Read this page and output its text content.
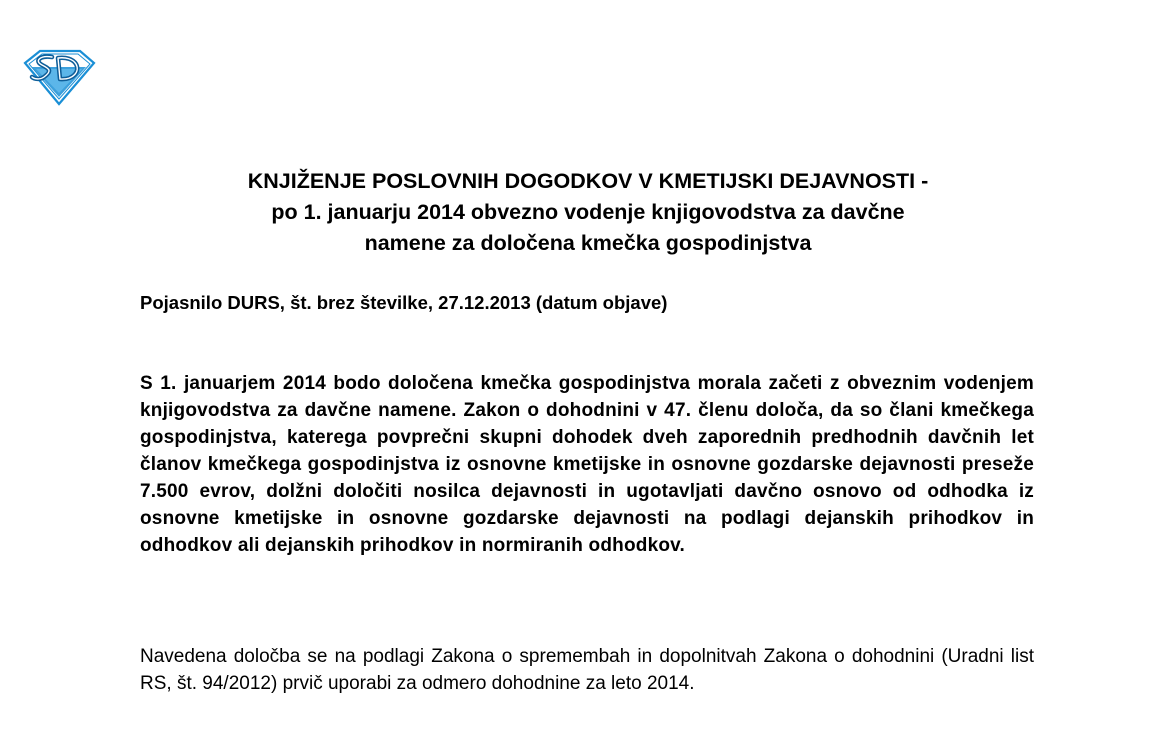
KNJIŽENJE POSLOVNIH DOGODKOV V KMETIJSKI DEJAVNOSTI -
po 1. januarju 2014 obvezno vodenje knjigovodstva za davčne
namene za določena kmečka gospodinjstva

Pojasnilo DURS, št. brez številke, 27.12.2013 (datum objave)

S 1. januarjem 2014 bodo določena kmečka gospodinjstva morala začeti z obveznim vodenjem knjigovodstva za davčne namene. Zakon o dohodnini v 47. členu določa, da so člani kmečkega gospodinjstva, katerega povprečni skupni dohodek dveh zaporednih predhodnih davčnih let članov kmečkega gospodinjstva iz osnovne kmetijske in osnovne gozdarske dejavnosti preseže 7.500 evrov, dolžni določiti nosilca dejavnosti in ugotavljati davčno osnovo od odhodka iz osnovne kmetijske in osnovne gozdarske dejavnosti na podlagi dejanskih prihodkov in odhodkov ali dejanskih prihodkov in normiranih odhodkov.

Navedena določba se na podlagi Zakona o spremembah in dopolnitvah Zakona o dohodnini (Uradni list RS, št. 94/2012) prvič uporabi za odmero dohodnine za leto 2014.
